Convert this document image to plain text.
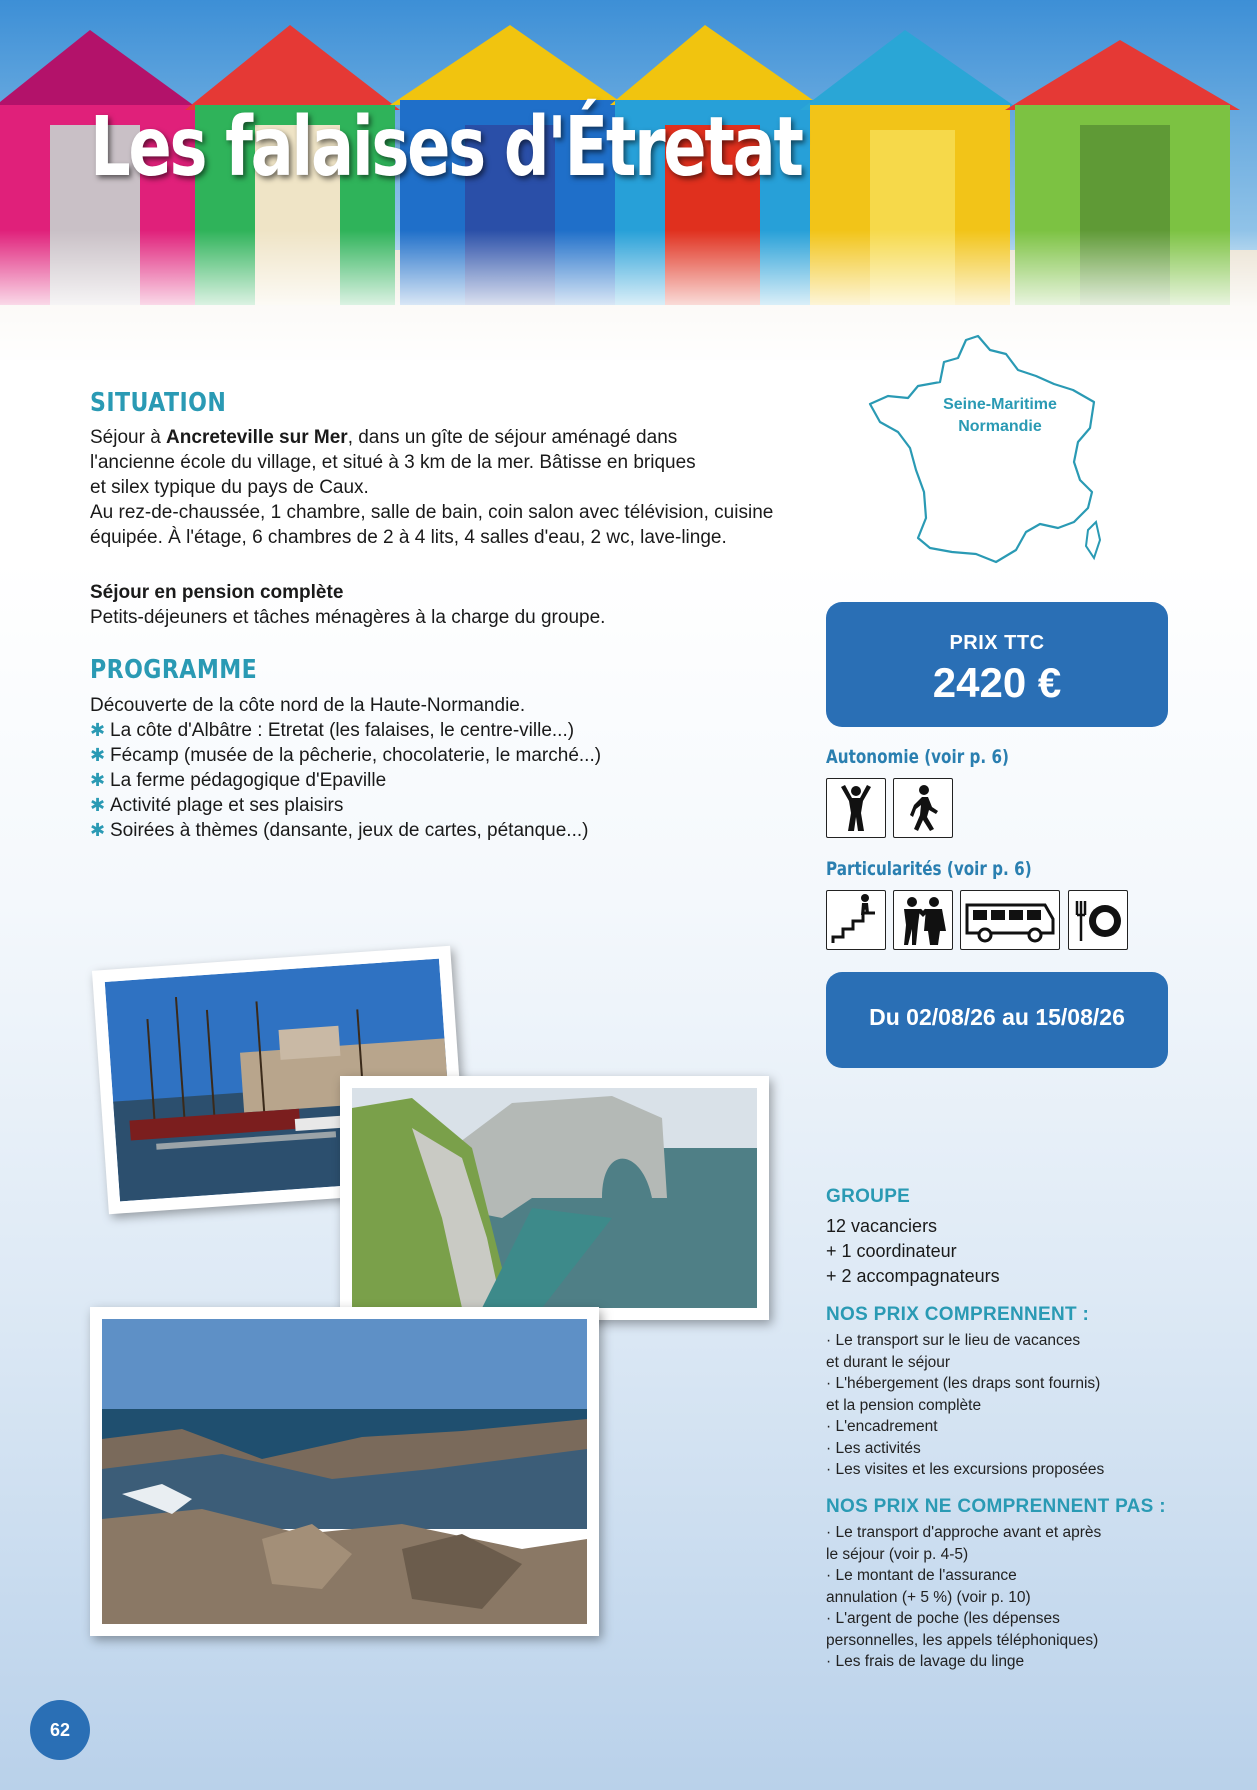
Les falaises d'Étretat
SITUATION
Séjour à Ancreteville sur Mer, dans un gîte de séjour aménagé dans
l'ancienne école du village, et situé à 3 km de la mer. Bâtisse en briques
et silex typique du pays de Caux.
Au rez-de-chaussée, 1 chambre, salle de bain, coin salon avec télévision, cuisine
équipée. À l'étage, 6 chambres de 2 à 4 lits, 4 salles d'eau, 2 wc, lave-linge.
Séjour en pension complète
Petits-déjeuners et tâches ménagères à la charge du groupe.
PROGRAMME
Découverte de la côte nord de la Haute-Normandie.
✱ La côte d'Albâtre : Etretat (les falaises, le centre-ville...)
✱ Fécamp (musée de la pêcherie, chocolaterie, le marché...)
✱ La ferme pédagogique d'Epaville
✱ Activité plage et ses plaisirs
✱ Soirées à thèmes (dansante, jeux de cartes, pétanque...)
Seine-Maritime
Normandie
PRIX TTC
2420 €
Autonomie (voir p. 6)
Particularités (voir p. 6)
Du 02/08/26 au 15/08/26
GROUPE
12 vacanciers
+ 1 coordinateur
+ 2 accompagnateurs
NOS PRIX COMPRENNENT :
· Le transport sur le lieu de vacances
et durant le séjour
· L'hébergement (les draps sont fournis)
et la pension complète
· L'encadrement
· Les activités
· Les visites et les excursions proposées
NOS PRIX NE COMPRENNENT PAS :
· Le transport d'approche avant et après
le séjour (voir p. 4-5)
· Le montant de l'assurance
annulation (+ 5 %) (voir p. 10)
· L'argent de poche (les dépenses
personnelles, les appels téléphoniques)
· Les frais de lavage du linge
62
